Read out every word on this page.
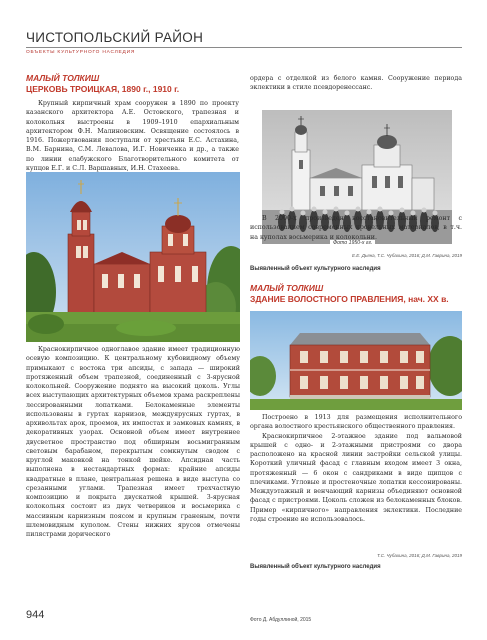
ЧИСТОПОЛЬСКИЙ РАЙОН
ОБЪЕКТЫ КУЛЬТУРНОГО НАСЛЕДИЯ
МАЛЫЙ ТОЛКИШ
ЦЕРКОВЬ ТРОИЦКАЯ, 1890 г., 1910 г.

Крупный кирпичный храм сооружен в 1890 по проекту казанского архитектора А.Е. Остовского, трапезная и колокольня выстроены в 1909–1910 епархиальным архитектором Ф.Н. Малиновским. Освящение состоялось в 1916. Пожертвования поступали от хрестьян Е.С. Астахина, В.М. Барнина, С.М. Левалова, И.Г. Новиченка и др., а также по линии елабужского Благотворительного комитета от купцов Е.Г. и С.Л. Варшавных, И.Н. Стахеева.

ордера с отделкой из белого камня. Сооружение периода эклектики в стиле псевдоренессанс.

Фото 1950-х гг.

В 2000-х произведен восстановительный ремонт с использованием современных кровельных материалов, в т.ч. на куполах восьмерика и колокольни.

Е.Е. Дьяна, Т.С. Чубахина, 2016; Д.М. Гаврина, 2019
Выявленный объект культурного наследия
МАЛЫЙ ТОЛКИШ
ЗДАНИЕ ВОЛОСТНОГО ПРАВЛЕНИЯ, нач. XX в.

Краснокирпичное одноглавое здание имеет традиционную осевую композицию. К центральному кубовидному объему примыкают с востока три апсиды, с запада — широкий протяженный объем трапезной, соединенный с 3-ярусной колокольней. Сооружение поднято на высокий цоколь. Углы всех выступающих архитектурных объемов храма раскреплены лессированными лопатками. Белокаменные элементы использованы в гуртах карнизов, междуярусных гуртах, в архивольтах арок, проемов, их импостах и замковых камнях, в декоративных узорах. Основной объем имеет внутреннее двусветное пространство под обширным восьмигранным световым барабаном, перекрытым сомкнутым сводом с круглой маковкой на тонкой шейке. Апсидная часть выполнена в нестандартных формах: крайние апсиды квадратные в плане, центральная решена в виде выступа со срезанными углами. Трапезная имеет трехчастную композицию и покрыта двускатной крышей. 3-ярусная колокольня состоит из двух четвериков и восьмерика с массивным карнизным поясом и крупным граненым, почти шлемовидным куполом. Стены нижних ярусов отмечены пилястрами дорического

Построено в 1913 для размещения исполнительного органа волостного крестьянского общественного правления.

Краснокирпичное 2-этажное здание под вальмовой крышей с одно- и 2-этажными пристроями со двора расположено на красной линии застройки сельской улицы. Короткий уличный фасад с главным входом имеет 3 окна, протяженный — 6 окон с сандриками в виде щипцов с плечиками. Угловые и простеночные лопатки кессонированы. Междуэтажный и венчающий карнизы объединяют основной фасад с пристроями. Цоколь сложен из белокаменных блоков. Пример «кирпичного» направления эклектики. Последние годы строение не использовалось.

Т.С. Чубахина, 2016; Д.М. Гаврина, 2019
Выявленный объект культурного наследия
944	Фото Д. Абдуллиной, 2015
